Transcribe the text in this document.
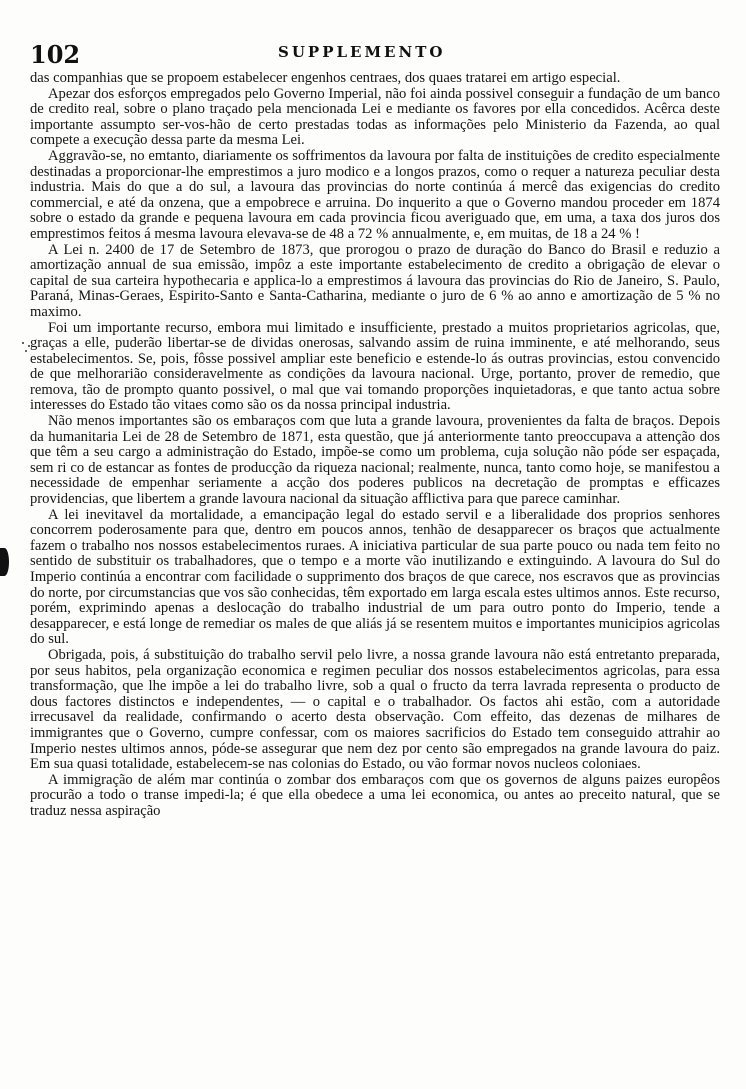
102	SUPPLEMENTO

das companhias que se propoem estabelecer engenhos centraes, dos quaes tratarei em artigo especial.

Apezar dos esforços empregados pelo Governo Imperial, não foi ainda possivel conseguir a fundação de um banco de credito real, sobre o plano traçado pela mencionada Lei e mediante os favores por ella concedidos. Acêrca deste importante assumpto ser-vos-hão de certo prestadas todas as informações pelo Ministerio da Fazenda, ao qual compete a execução dessa parte da mesma Lei.

Aggravão-se, no emtanto, diariamente os soffrimentos da lavoura por falta de instituições de credito especialmente destinadas a proporcionar-lhe emprestimos a juro modico e a longos prazos, como o requer a natureza peculiar desta industria. Mais do que a do sul, a lavoura das provincias do norte continúa á mercê das exigencias do credito commercial, e até da onzena, que a empobrece e arruina. Do inquerito a que o Governo mandou proceder em 1874 sobre o estado da grande e pequena lavoura em cada provincia ficou averiguado que, em uma, a taxa dos juros dos emprestimos feitos á mesma lavoura elevava-se de 48 a 72 % annualmente, e, em muitas, de 18 a 24 % !

A Lei n. 2400 de 17 de Setembro de 1873, que prorogou o prazo de duração do Banco do Brasil e reduzio a amortização annual de sua emissão, impôz a este importante estabelecimento de credito a obrigação de elevar o capital de sua carteira hypothecaria e applica-lo a emprestimos á lavoura das provincias do Rio de Janeiro, S. Paulo, Paraná, Minas-Geraes, Espirito-Santo e Santa-Catharina, mediante o juro de 6 % ao anno e amortização de 5 % no maximo.

Foi um importante recurso, embora mui limitado e insufficiente, prestado a muitos proprietarios agricolas, que, graças a elle, puderão libertar-se de dividas onerosas, salvando assim de ruina imminente, e até melhorando, seus estabelecimentos. Se, pois, fôsse possivel ampliar este beneficio e estende-lo ás outras provincias, estou convencido de que melhorarião consideravelmente as condições da lavoura nacional. Urge, portanto, prover de remedio, que remova, tão de prompto quanto possivel, o mal que vai tomando proporções inquietadoras, e que tanto actua sobre interesses do Estado tão vitaes como são os da nossa principal industria.

Não menos importantes são os embaraços com que luta a grande lavoura, provenientes da falta de braços. Depois da humanitaria Lei de 28 de Setembro de 1871, esta questão, que já anteriormente tanto preoccupava a attenção dos que têm a seu cargo a administração do Estado, impõe-se como um problema, cuja solução não póde ser espaçada, sem ri co de estancar as fontes de producção da riqueza nacional; realmente, nunca, tanto como hoje, se manifestou a necessidade de empenhar seriamente a acção dos poderes publicos na decretação de promptas e efficazes providencias, que libertem a grande lavoura nacional da situação afflictiva para que parece caminhar.

A lei inevitavel da mortalidade, a emancipação legal do estado servil e a liberalidade dos proprios senhores concorrem poderosamente para que, dentro em poucos annos, tenhão de desapparecer os braços que actualmente fazem o trabalho nos nossos estabelecimentos ruraes. A iniciativa particular de sua parte pouco ou nada tem feito no sentido de substituir os trabalhadores, que o tempo e a morte vão inutilizando e extinguindo. A lavoura do Sul do Imperio continúa a encontrar com facilidade o supprimento dos braços de que carece, nos escravos que as provincias do norte, por circumstancias que vos são conhecidas, têm exportado em larga escala estes ultimos annos. Este recurso, porém, exprimindo apenas a deslocação do trabalho industrial de um para outro ponto do Imperio, tende a desapparecer, e está longe de remediar os males de que aliás já se resentem muitos e importantes municipios agricolas do sul.

Obrigada, pois, á substituição do trabalho servil pelo livre, a nossa grande lavoura não está entretanto preparada, por seus habitos, pela organização economica e regimen peculiar dos nossos estabelecimentos agricolas, para essa transformação, que lhe impõe a lei do trabalho livre, sob a qual o fructo da terra lavrada representa o producto de dous factores distinctos e independentes, — o capital e o trabalhador. Os factos ahi estão, com a autoridade irrecusavel da realidade, confirmando o acerto desta observação. Com effeito, das dezenas de milhares de immigrantes que o Governo, cumpre confessar, com os maiores sacrificios do Estado tem conseguido attrahir ao Imperio nestes ultimos annos, póde-se assegurar que nem dez por cento são empregados na grande lavoura do paiz. Em sua quasi totalidade, estabelecem-se nas colonias do Estado, ou vão formar novos nucleos coloniaes.

A immigração de além mar continúa o zombar dos embaraços com que os governos de alguns paizes europêos procurão a todo o transe impedi-la; é que ella obedece a uma lei economica, ou antes ao preceito natural, que se traduz nessa aspiração
